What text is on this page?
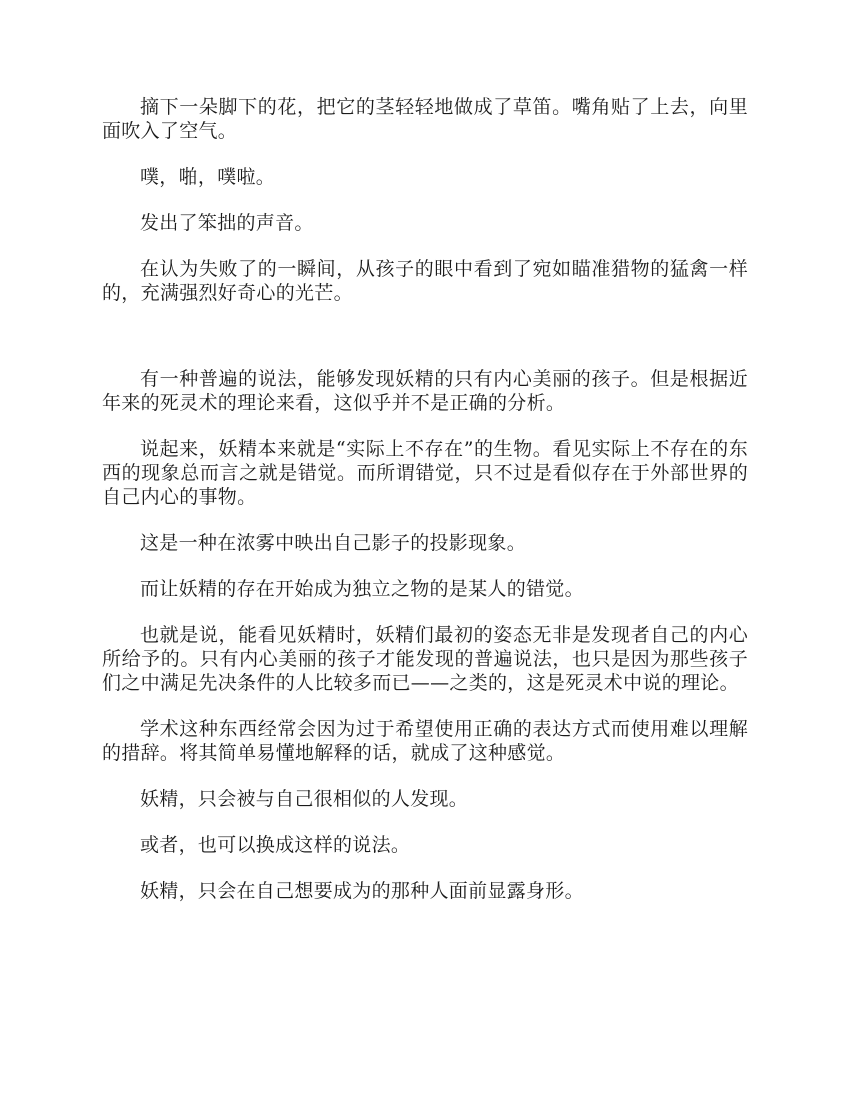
摘下一朵脚下的花，把它的茎轻轻地做成了草笛。嘴角贴了上去，向里面吹入了空气。

噗，啪，噗啦。

发出了笨拙的声音。

在认为失败了的一瞬间，从孩子的眼中看到了宛如瞄准猎物的猛禽一样的，充满强烈好奇心的光芒。

有一种普遍的说法，能够发现妖精的只有内心美丽的孩子。但是根据近年来的死灵术的理论来看，这似乎并不是正确的分析。

说起来，妖精本来就是“实际上不存在”的生物。看见实际上不存在的东西的现象总而言之就是错觉。而所谓错觉，只不过是看似存在于外部世界的自己内心的事物。

这是一种在浓雾中映出自己影子的投影现象。

而让妖精的存在开始成为独立之物的是某人的错觉。

也就是说，能看见妖精时，妖精们最初的姿态无非是发现者自己的内心所给予的。只有内心美丽的孩子才能发现的普遍说法，也只是因为那些孩子们之中满足先决条件的人比较多而已——之类的，这是死灵术中说的理论。

学术这种东西经常会因为过于希望使用正确的表达方式而使用难以理解的措辞。将其简单易懂地解释的话，就成了这种感觉。

妖精，只会被与自己很相似的人发现。

或者，也可以换成这样的说法。

妖精，只会在自己想要成为的那种人面前显露身形。
